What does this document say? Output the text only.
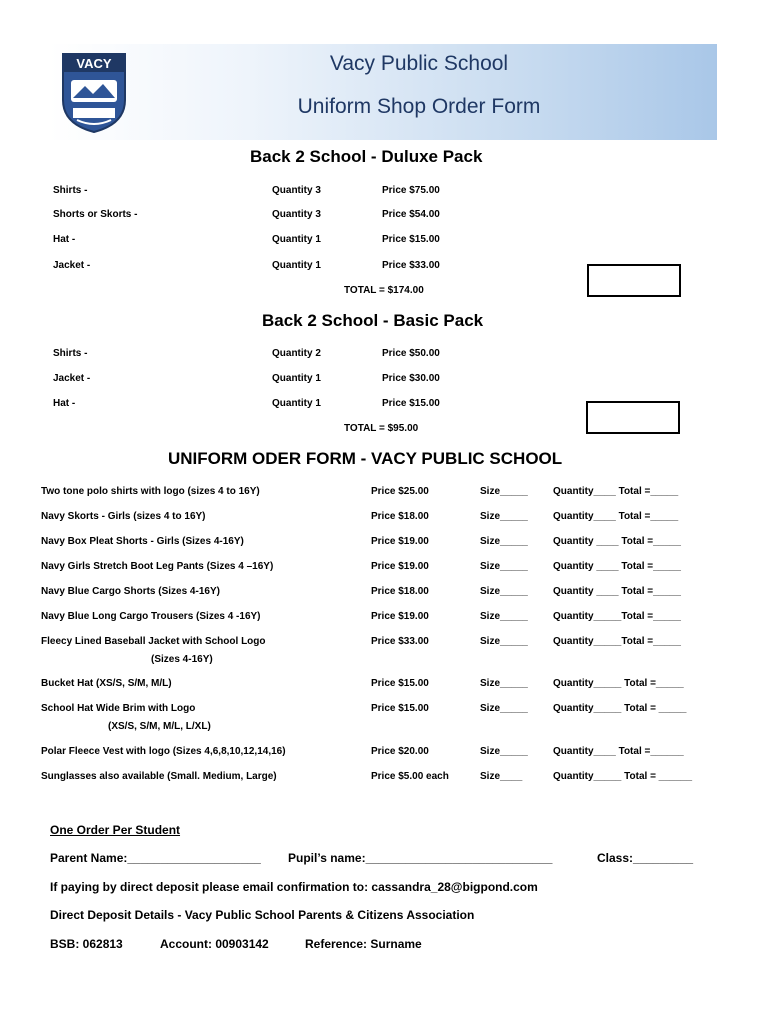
VACY	Vacy Public School
Uniform Shop Order Form
Back 2 School - Duluxe Pack
Shirts -	Quantity 3	Price $75.00
Shorts or Skorts -	Quantity 3	Price $54.00
Hat -	Quantity 1	Price $15.00
Jacket -	Quantity 1	Price $33.00
TOTAL = $174.00
Back 2 School - Basic Pack
Shirts -	Quantity 2	Price $50.00
Jacket -	Quantity 1	Price $30.00
Hat -	Quantity 1	Price $15.00
TOTAL = $95.00
UNIFORM ODER FORM - VACY PUBLIC SCHOOL
Two tone polo shirts with logo (sizes 4 to 16Y)	Price $25.00	Size_____	Quantity____ Total =_____
Navy Skorts - Girls (sizes 4 to 16Y)	Price $18.00	Size_____	Quantity____ Total =_____
Navy Box Pleat Shorts - Girls (Sizes 4-16Y)	Price $19.00	Size_____	Quantity ____ Total =_____
Navy Girls Stretch Boot Leg Pants (Sizes 4 –16Y)	Price $19.00	Size_____	Quantity ____ Total =_____
Navy Blue Cargo Shorts (Sizes 4-16Y)	Price $18.00	Size_____	Quantity ____ Total =_____
Navy Blue Long Cargo Trousers (Sizes 4 -16Y)	Price $19.00	Size_____	Quantity_____Total =_____
Fleecy Lined Baseball Jacket with School Logo
(Sizes 4-16Y)
Price $33.00	Size_____	Quantity_____Total =_____
Bucket Hat (XS/S, S/M, M/L)	Price $15.00	Size_____	Quantity_____ Total =_____
School Hat Wide Brim with Logo
(XS/S, S/M, M/L, L/XL)
Price $15.00	Size_____	Quantity_____ Total = _____
Polar Fleece Vest with logo (Sizes 4,6,8,10,12,14,16)	Price $20.00	Size_____	Quantity____ Total =______
Sunglasses also available (Small. Medium, Large)	Price $5.00 each	Size____	Quantity_____ Total = ______
One Order Per Student
Parent Name:____________________ Pupil’s name:____________________________	Class:_________
If paying by direct deposit please email confirmation to: cassandra_28@bigpond.com
Direct Deposit Details - Vacy Public School Parents & Citizens Association
BSB: 062813	Account: 00903142	Reference: Surname
